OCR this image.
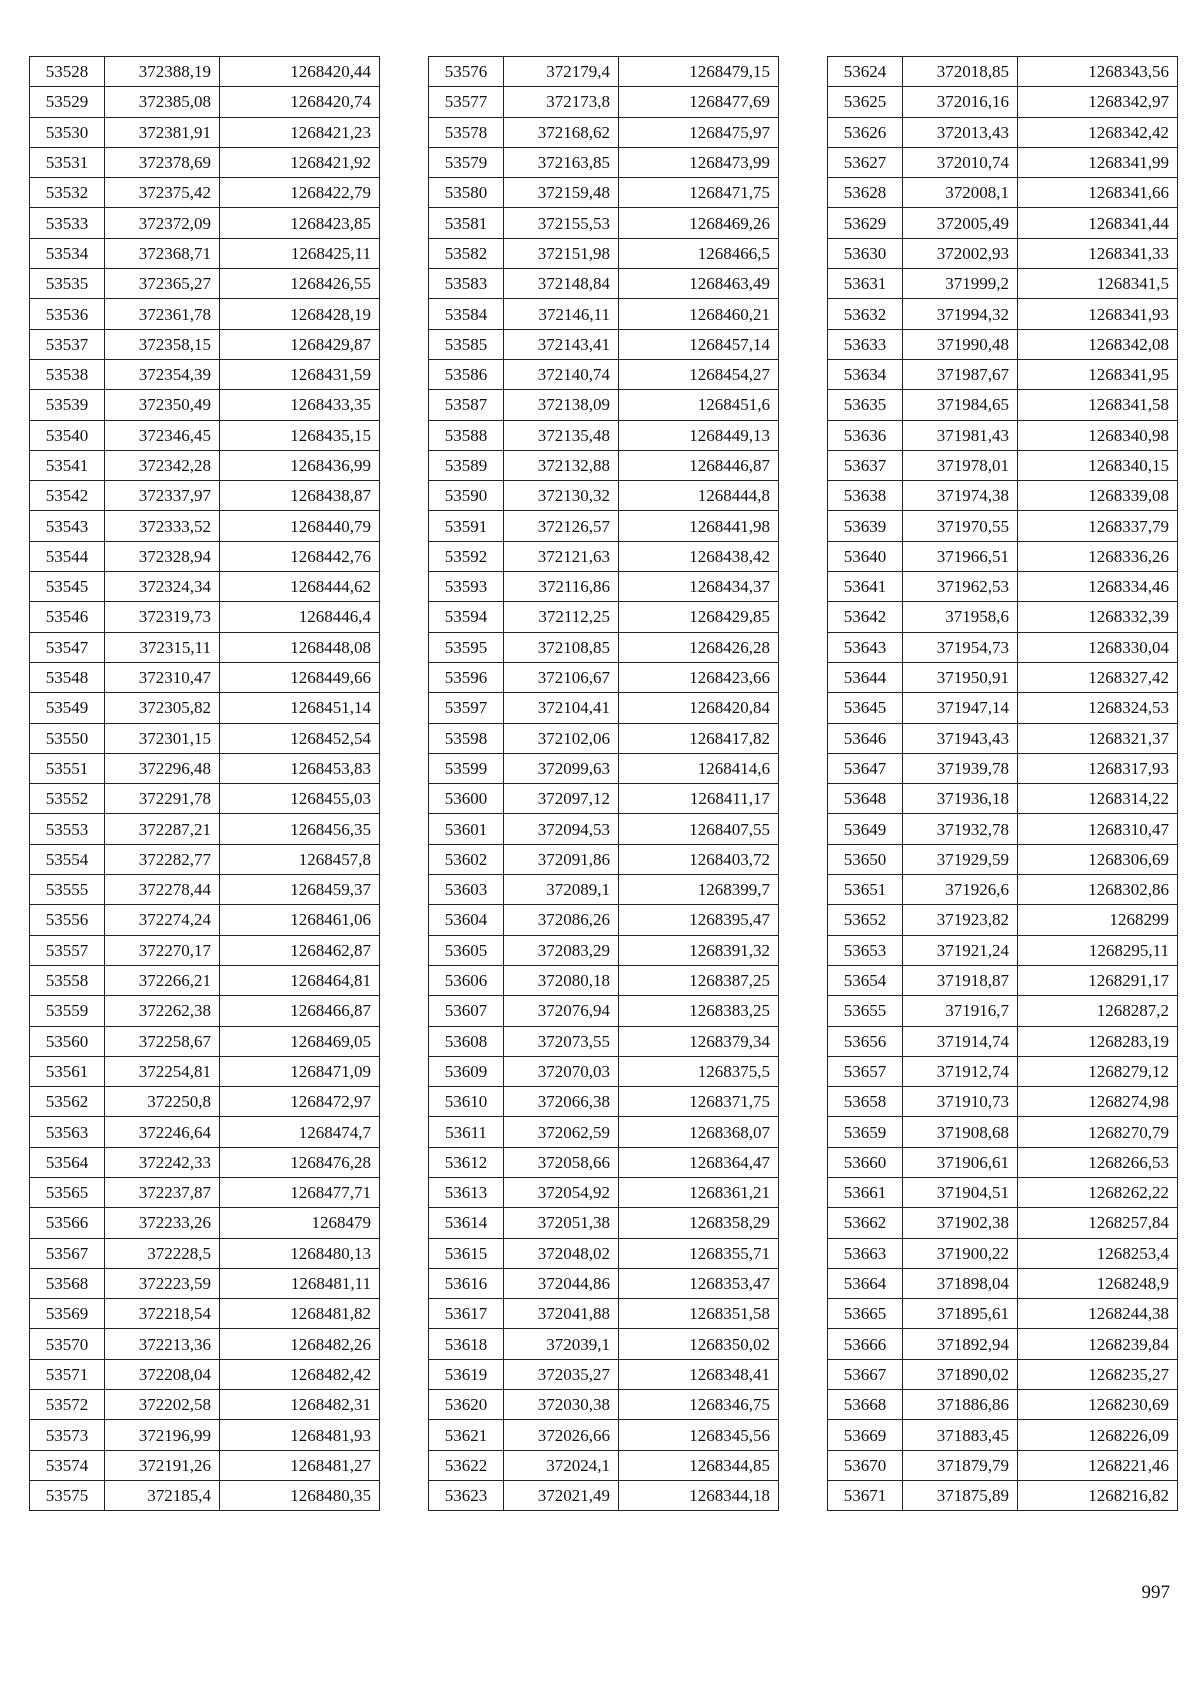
53528	372388,19	1268420,44
53529	372385,08	1268420,74
53530	372381,91	1268421,23
53531	372378,69	1268421,92
53532	372375,42	1268422,79
53533	372372,09	1268423,85
53534	372368,71	1268425,11
53535	372365,27	1268426,55
53536	372361,78	1268428,19
53537	372358,15	1268429,87
53538	372354,39	1268431,59
53539	372350,49	1268433,35
53540	372346,45	1268435,15
53541	372342,28	1268436,99
53542	372337,97	1268438,87
53543	372333,52	1268440,79
53544	372328,94	1268442,76
53545	372324,34	1268444,62
53546	372319,73	1268446,4
53547	372315,11	1268448,08
53548	372310,47	1268449,66
53549	372305,82	1268451,14
53550	372301,15	1268452,54
53551	372296,48	1268453,83
53552	372291,78	1268455,03
53553	372287,21	1268456,35
53554	372282,77	1268457,8
53555	372278,44	1268459,37
53556	372274,24	1268461,06
53557	372270,17	1268462,87
53558	372266,21	1268464,81
53559	372262,38	1268466,87
53560	372258,67	1268469,05
53561	372254,81	1268471,09
53562	372250,8	1268472,97
53563	372246,64	1268474,7
53564	372242,33	1268476,28
53565	372237,87	1268477,71
53566	372233,26	1268479
53567	372228,5	1268480,13
53568	372223,59	1268481,11
53569	372218,54	1268481,82
53570	372213,36	1268482,26
53571	372208,04	1268482,42
53572	372202,58	1268482,31
53573	372196,99	1268481,93
53574	372191,26	1268481,27
53575	372185,4	1268480,35
53576	372179,4	1268479,15
53577	372173,8	1268477,69
53578	372168,62	1268475,97
53579	372163,85	1268473,99
53580	372159,48	1268471,75
53581	372155,53	1268469,26
53582	372151,98	1268466,5
53583	372148,84	1268463,49
53584	372146,11	1268460,21
53585	372143,41	1268457,14
53586	372140,74	1268454,27
53587	372138,09	1268451,6
53588	372135,48	1268449,13
53589	372132,88	1268446,87
53590	372130,32	1268444,8
53591	372126,57	1268441,98
53592	372121,63	1268438,42
53593	372116,86	1268434,37
53594	372112,25	1268429,85
53595	372108,85	1268426,28
53596	372106,67	1268423,66
53597	372104,41	1268420,84
53598	372102,06	1268417,82
53599	372099,63	1268414,6
53600	372097,12	1268411,17
53601	372094,53	1268407,55
53602	372091,86	1268403,72
53603	372089,1	1268399,7
53604	372086,26	1268395,47
53605	372083,29	1268391,32
53606	372080,18	1268387,25
53607	372076,94	1268383,25
53608	372073,55	1268379,34
53609	372070,03	1268375,5
53610	372066,38	1268371,75
53611	372062,59	1268368,07
53612	372058,66	1268364,47
53613	372054,92	1268361,21
53614	372051,38	1268358,29
53615	372048,02	1268355,71
53616	372044,86	1268353,47
53617	372041,88	1268351,58
53618	372039,1	1268350,02
53619	372035,27	1268348,41
53620	372030,38	1268346,75
53621	372026,66	1268345,56
53622	372024,1	1268344,85
53623	372021,49	1268344,18
53624	372018,85	1268343,56
53625	372016,16	1268342,97
53626	372013,43	1268342,42
53627	372010,74	1268341,99
53628	372008,1	1268341,66
53629	372005,49	1268341,44
53630	372002,93	1268341,33
53631	371999,2	1268341,5
53632	371994,32	1268341,93
53633	371990,48	1268342,08
53634	371987,67	1268341,95
53635	371984,65	1268341,58
53636	371981,43	1268340,98
53637	371978,01	1268340,15
53638	371974,38	1268339,08
53639	371970,55	1268337,79
53640	371966,51	1268336,26
53641	371962,53	1268334,46
53642	371958,6	1268332,39
53643	371954,73	1268330,04
53644	371950,91	1268327,42
53645	371947,14	1268324,53
53646	371943,43	1268321,37
53647	371939,78	1268317,93
53648	371936,18	1268314,22
53649	371932,78	1268310,47
53650	371929,59	1268306,69
53651	371926,6	1268302,86
53652	371923,82	1268299
53653	371921,24	1268295,11
53654	371918,87	1268291,17
53655	371916,7	1268287,2
53656	371914,74	1268283,19
53657	371912,74	1268279,12
53658	371910,73	1268274,98
53659	371908,68	1268270,79
53660	371906,61	1268266,53
53661	371904,51	1268262,22
53662	371902,38	1268257,84
53663	371900,22	1268253,4
53664	371898,04	1268248,9
53665	371895,61	1268244,38
53666	371892,94	1268239,84
53667	371890,02	1268235,27
53668	371886,86	1268230,69
53669	371883,45	1268226,09
53670	371879,79	1268221,46
53671	371875,89	1268216,82
997
